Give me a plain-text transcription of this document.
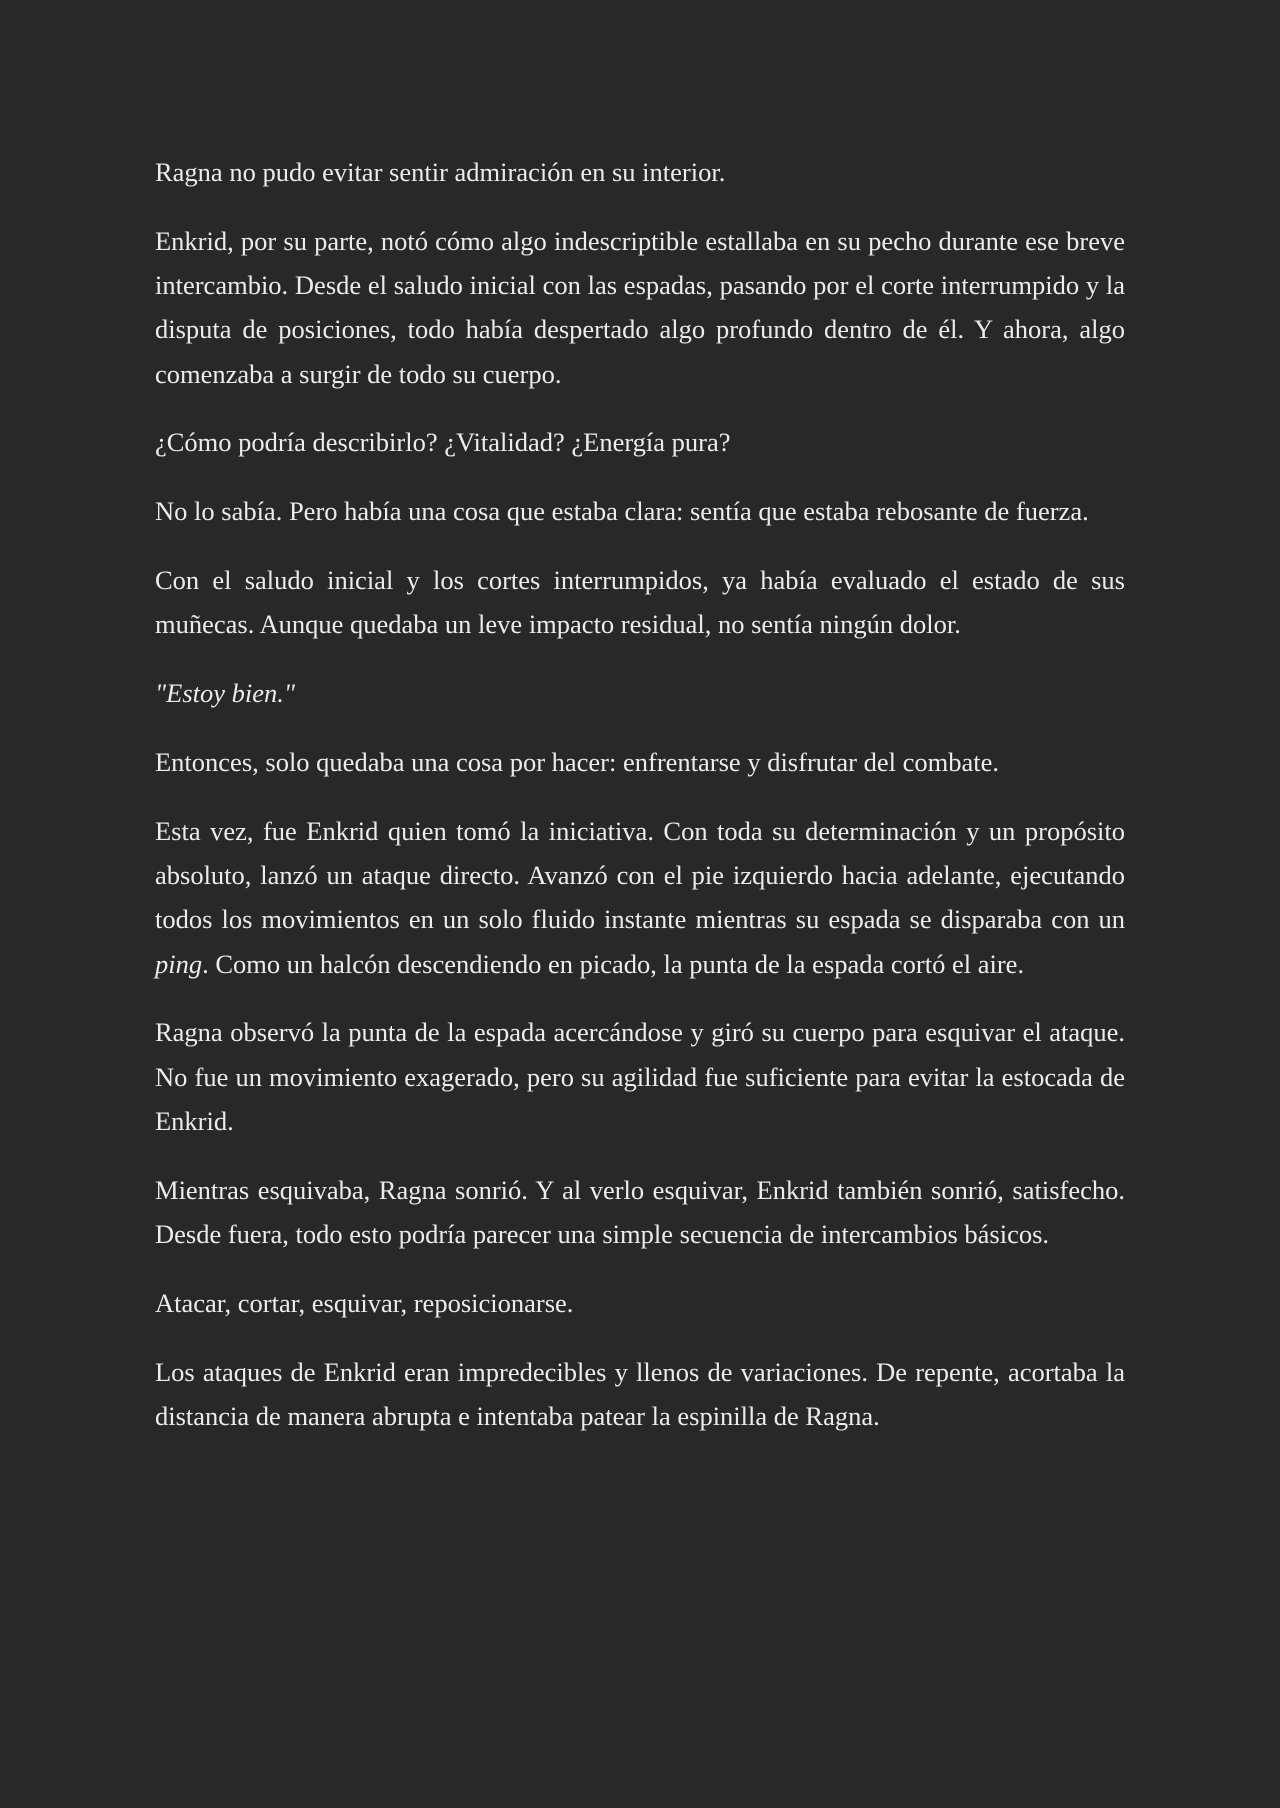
Ragna no pudo evitar sentir admiración en su interior.

Enkrid, por su parte, notó cómo algo indescriptible estallaba en su pecho durante ese breve intercambio. Desde el saludo inicial con las espadas, pasando por el corte interrumpido y la disputa de posiciones, todo había despertado algo profundo dentro de él. Y ahora, algo comenzaba a surgir de todo su cuerpo.

¿Cómo podría describirlo? ¿Vitalidad? ¿Energía pura?

No lo sabía. Pero había una cosa que estaba clara: sentía que estaba rebosante de fuerza.

Con el saludo inicial y los cortes interrumpidos, ya había evaluado el estado de sus muñecas. Aunque quedaba un leve impacto residual, no sentía ningún dolor.

"Estoy bien."

Entonces, solo quedaba una cosa por hacer: enfrentarse y disfrutar del combate.

Esta vez, fue Enkrid quien tomó la iniciativa. Con toda su determinación y un propósito absoluto, lanzó un ataque directo. Avanzó con el pie izquierdo hacia adelante, ejecutando todos los movimientos en un solo fluido instante mientras su espada se disparaba con un ping. Como un halcón descendiendo en picado, la punta de la espada cortó el aire.

Ragna observó la punta de la espada acercándose y giró su cuerpo para esquivar el ataque. No fue un movimiento exagerado, pero su agilidad fue suficiente para evitar la estocada de Enkrid.

Mientras esquivaba, Ragna sonrió. Y al verlo esquivar, Enkrid también sonrió, satisfecho. Desde fuera, todo esto podría parecer una simple secuencia de intercambios básicos.

Atacar, cortar, esquivar, reposicionarse.

Los ataques de Enkrid eran impredecibles y llenos de variaciones. De repente, acortaba la distancia de manera abrupta e intentaba patear la espinilla de Ragna.
